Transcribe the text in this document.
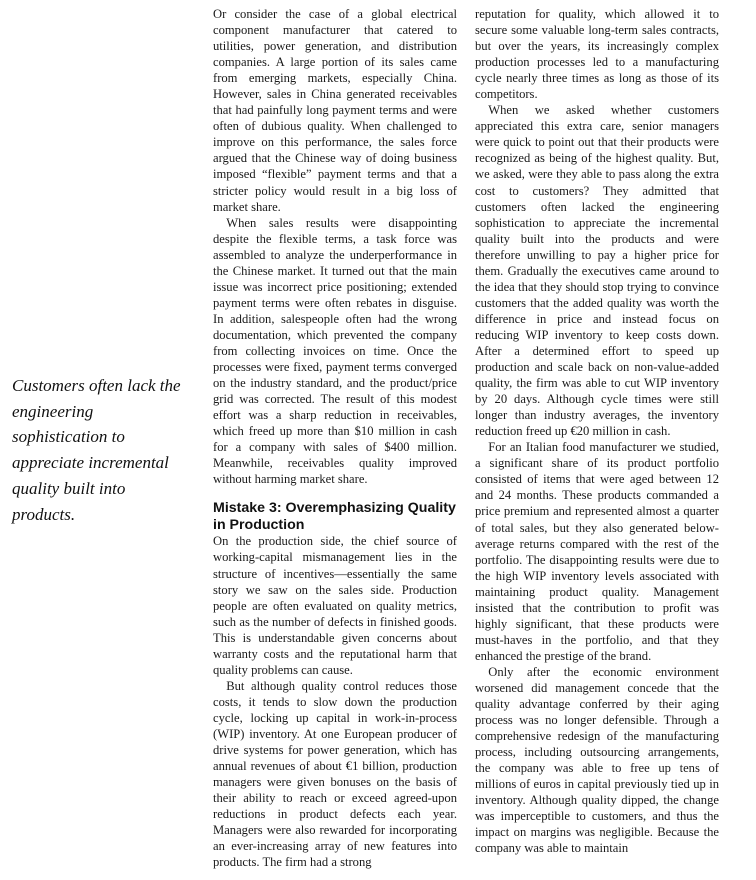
Customers often lack the engineering sophistication to appreciate incremental quality built into products.

Or consider the case of a global electrical component manufacturer that catered to utilities, power generation, and distribution companies. A large portion of its sales came from emerging markets, especially China. However, sales in China generated receivables that had painfully long payment terms and were often of dubious quality. When challenged to improve on this performance, the sales force argued that the Chinese way of doing business imposed “flexible” payment terms and that a stricter policy would result in a big loss of market share.

When sales results were disappointing despite the flexible terms, a task force was assembled to analyze the underperformance in the Chinese market. It turned out that the main issue was incorrect price positioning; extended payment terms were often rebates in disguise. In addition, salespeople often had the wrong documentation, which prevented the company from collecting invoices on time. Once the processes were fixed, payment terms converged on the industry standard, and the product/price grid was corrected. The result of this modest effort was a sharp reduction in receivables, which freed up more than $10 million in cash for a company with sales of $400 million. Meanwhile, receivables quality improved without harming market share.

Mistake 3: Overemphasizing Quality in Production

On the production side, the chief source of working-capital mismanagement lies in the structure of incentives—essentially the same story we saw on the sales side. Production people are often evaluated on quality metrics, such as the number of defects in finished goods. This is understandable given concerns about warranty costs and the reputational harm that quality problems can cause.

But although quality control reduces those costs, it tends to slow down the production cycle, locking up capital in work-in-process (WIP) inventory. At one European producer of drive systems for power generation, which has annual revenues of about €1 billion, production managers were given bonuses on the basis of their ability to reach or exceed agreed-upon reductions in product defects each year. Managers were also rewarded for incorporating an ever-increasing array of new features into products. The firm had a strong

reputation for quality, which allowed it to secure some valuable long-term sales contracts, but over the years, its increasingly complex production processes led to a manufacturing cycle nearly three times as long as those of its competitors.

When we asked whether customers appreciated this extra care, senior managers were quick to point out that their products were recognized as being of the highest quality. But, we asked, were they able to pass along the extra cost to customers? They admitted that customers often lacked the engineering sophistication to appreciate the incremental quality built into the products and were therefore unwilling to pay a higher price for them. Gradually the executives came around to the idea that they should stop trying to convince customers that the added quality was worth the difference in price and instead focus on reducing WIP inventory to keep costs down. After a determined effort to speed up production and scale back on non-value-added quality, the firm was able to cut WIP inventory by 20 days. Although cycle times were still longer than industry averages, the inventory reduction freed up €20 million in cash.

For an Italian food manufacturer we studied, a significant share of its product portfolio consisted of items that were aged between 12 and 24 months. These products commanded a price premium and represented almost a quarter of total sales, but they also generated below-average returns compared with the rest of the portfolio. The disappointing results were due to the high WIP inventory levels associated with maintaining product quality. Management insisted that the contribution to profit was highly significant, that these products were must-haves in the portfolio, and that they enhanced the prestige of the brand.

Only after the economic environment worsened did management concede that the quality advantage conferred by their aging process was no longer defensible. Through a comprehensive redesign of the manufacturing process, including outsourcing arrangements, the company was able to free up tens of millions of euros in capital previously tied up in inventory. Although quality dipped, the change was imperceptible to customers, and thus the impact on margins was negligible. Because the company was able to maintain
